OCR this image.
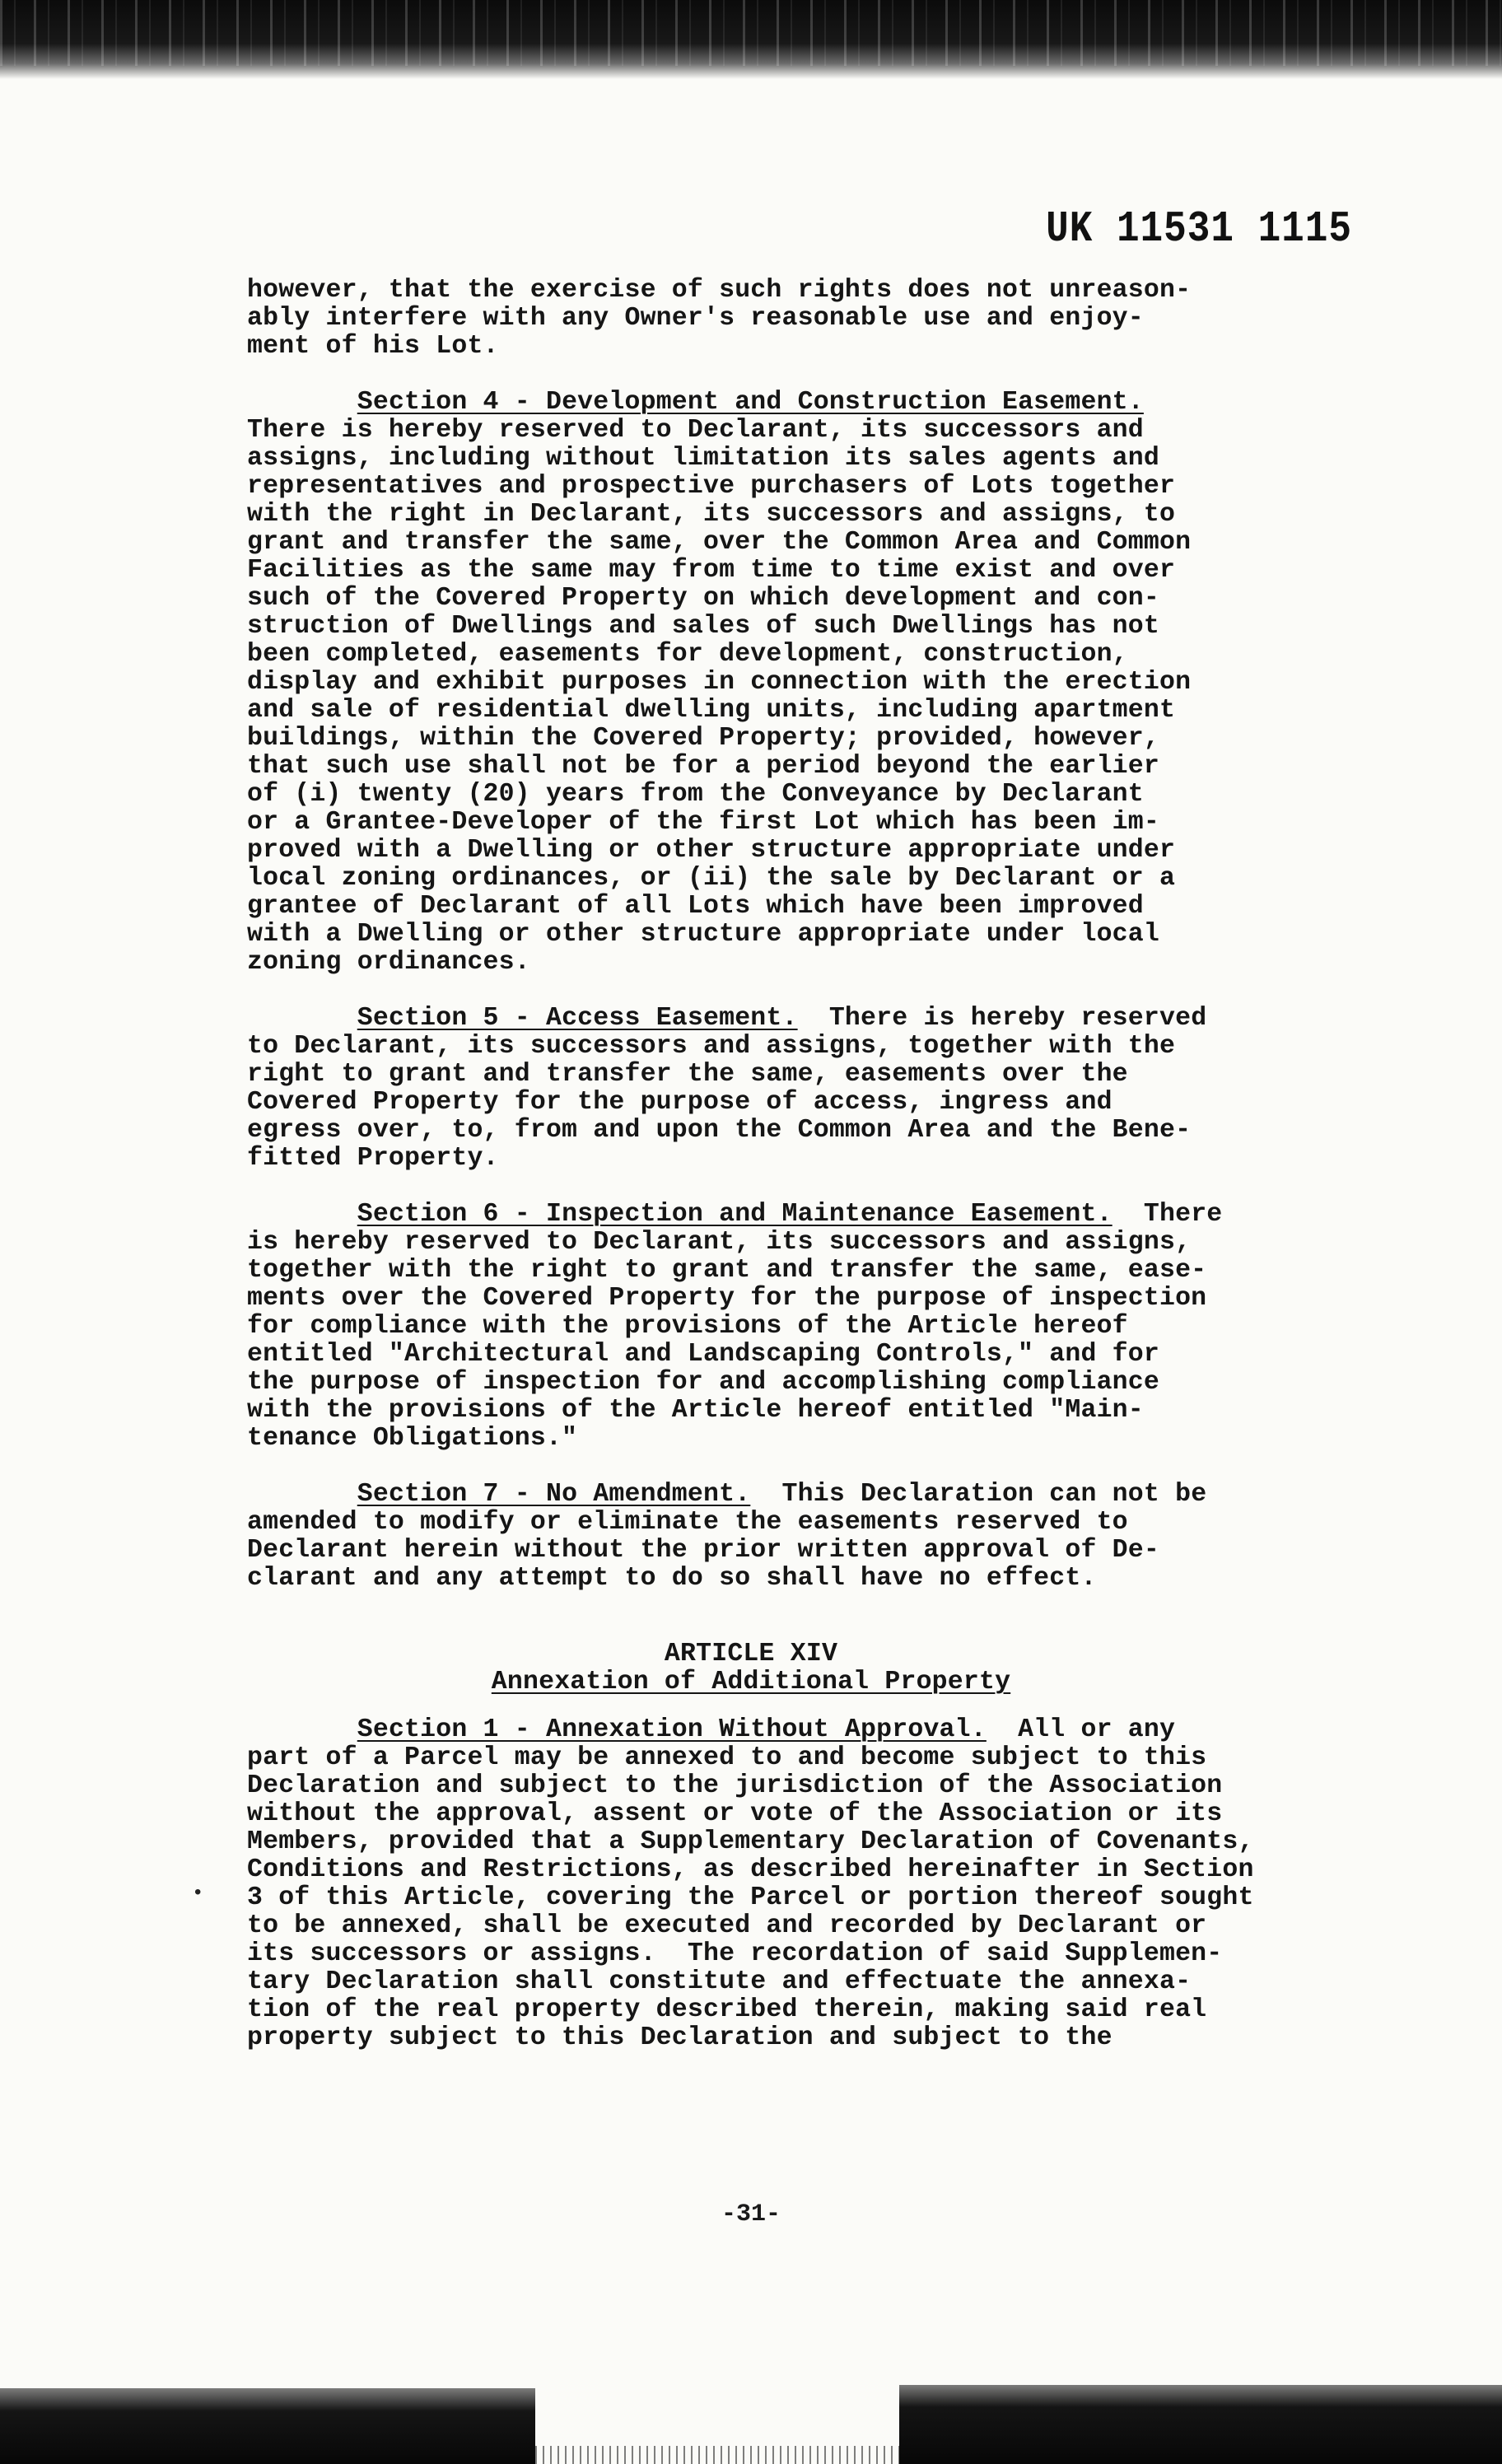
UK 11531 1115
•
however, that the exercise of such rights does not unreason-
ably interfere with any Owner's reasonable use and enjoy-
ment of his Lot.
Section 4 - Development and Construction Easement.
There is hereby reserved to Declarant, its successors and
assigns, including without limitation its sales agents and
representatives and prospective purchasers of Lots together
with the right in Declarant, its successors and assigns, to
grant and transfer the same, over the Common Area and Common
Facilities as the same may from time to time exist and over
such of the Covered Property on which development and con-
struction of Dwellings and sales of such Dwellings has not
been completed, easements for development, construction,
display and exhibit purposes in connection with the erection
and sale of residential dwelling units, including apartment
buildings, within the Covered Property; provided, however,
that such use shall not be for a period beyond the earlier
of (i) twenty (20) years from the Conveyance by Declarant
or a Grantee-Developer of the first Lot which has been im-
proved with a Dwelling or other structure appropriate under
local zoning ordinances, or (ii) the sale by Declarant or a
grantee of Declarant of all Lots which have been improved
with a Dwelling or other structure appropriate under local
zoning ordinances.
Section 5 - Access Easement.  There is hereby reserved
to Declarant, its successors and assigns, together with the
right to grant and transfer the same, easements over the
Covered Property for the purpose of access, ingress and
egress over, to, from and upon the Common Area and the Bene-
fitted Property.
Section 6 - Inspection and Maintenance Easement.  There
is hereby reserved to Declarant, its successors and assigns,
together with the right to grant and transfer the same, ease-
ments over the Covered Property for the purpose of inspection
for compliance with the provisions of the Article hereof
entitled "Architectural and Landscaping Controls," and for
the purpose of inspection for and accomplishing compliance
with the provisions of the Article hereof entitled "Main-
tenance Obligations."
Section 7 - No Amendment.  This Declaration can not be
amended to modify or eliminate the easements reserved to
Declarant herein without the prior written approval of De-
clarant and any attempt to do so shall have no effect.
ARTICLE XIV
Annexation of Additional Property
Section 1 - Annexation Without Approval.  All or any
part of a Parcel may be annexed to and become subject to this
Declaration and subject to the jurisdiction of the Association
without the approval, assent or vote of the Association or its
Members, provided that a Supplementary Declaration of Covenants,
Conditions and Restrictions, as described hereinafter in Section
3 of this Article, covering the Parcel or portion thereof sought
to be annexed, shall be executed and recorded by Declarant or
its successors or assigns.  The recordation of said Supplemen-
tary Declaration shall constitute and effectuate the annexa-
tion of the real property described therein, making said real
property subject to this Declaration and subject to the
-31-
